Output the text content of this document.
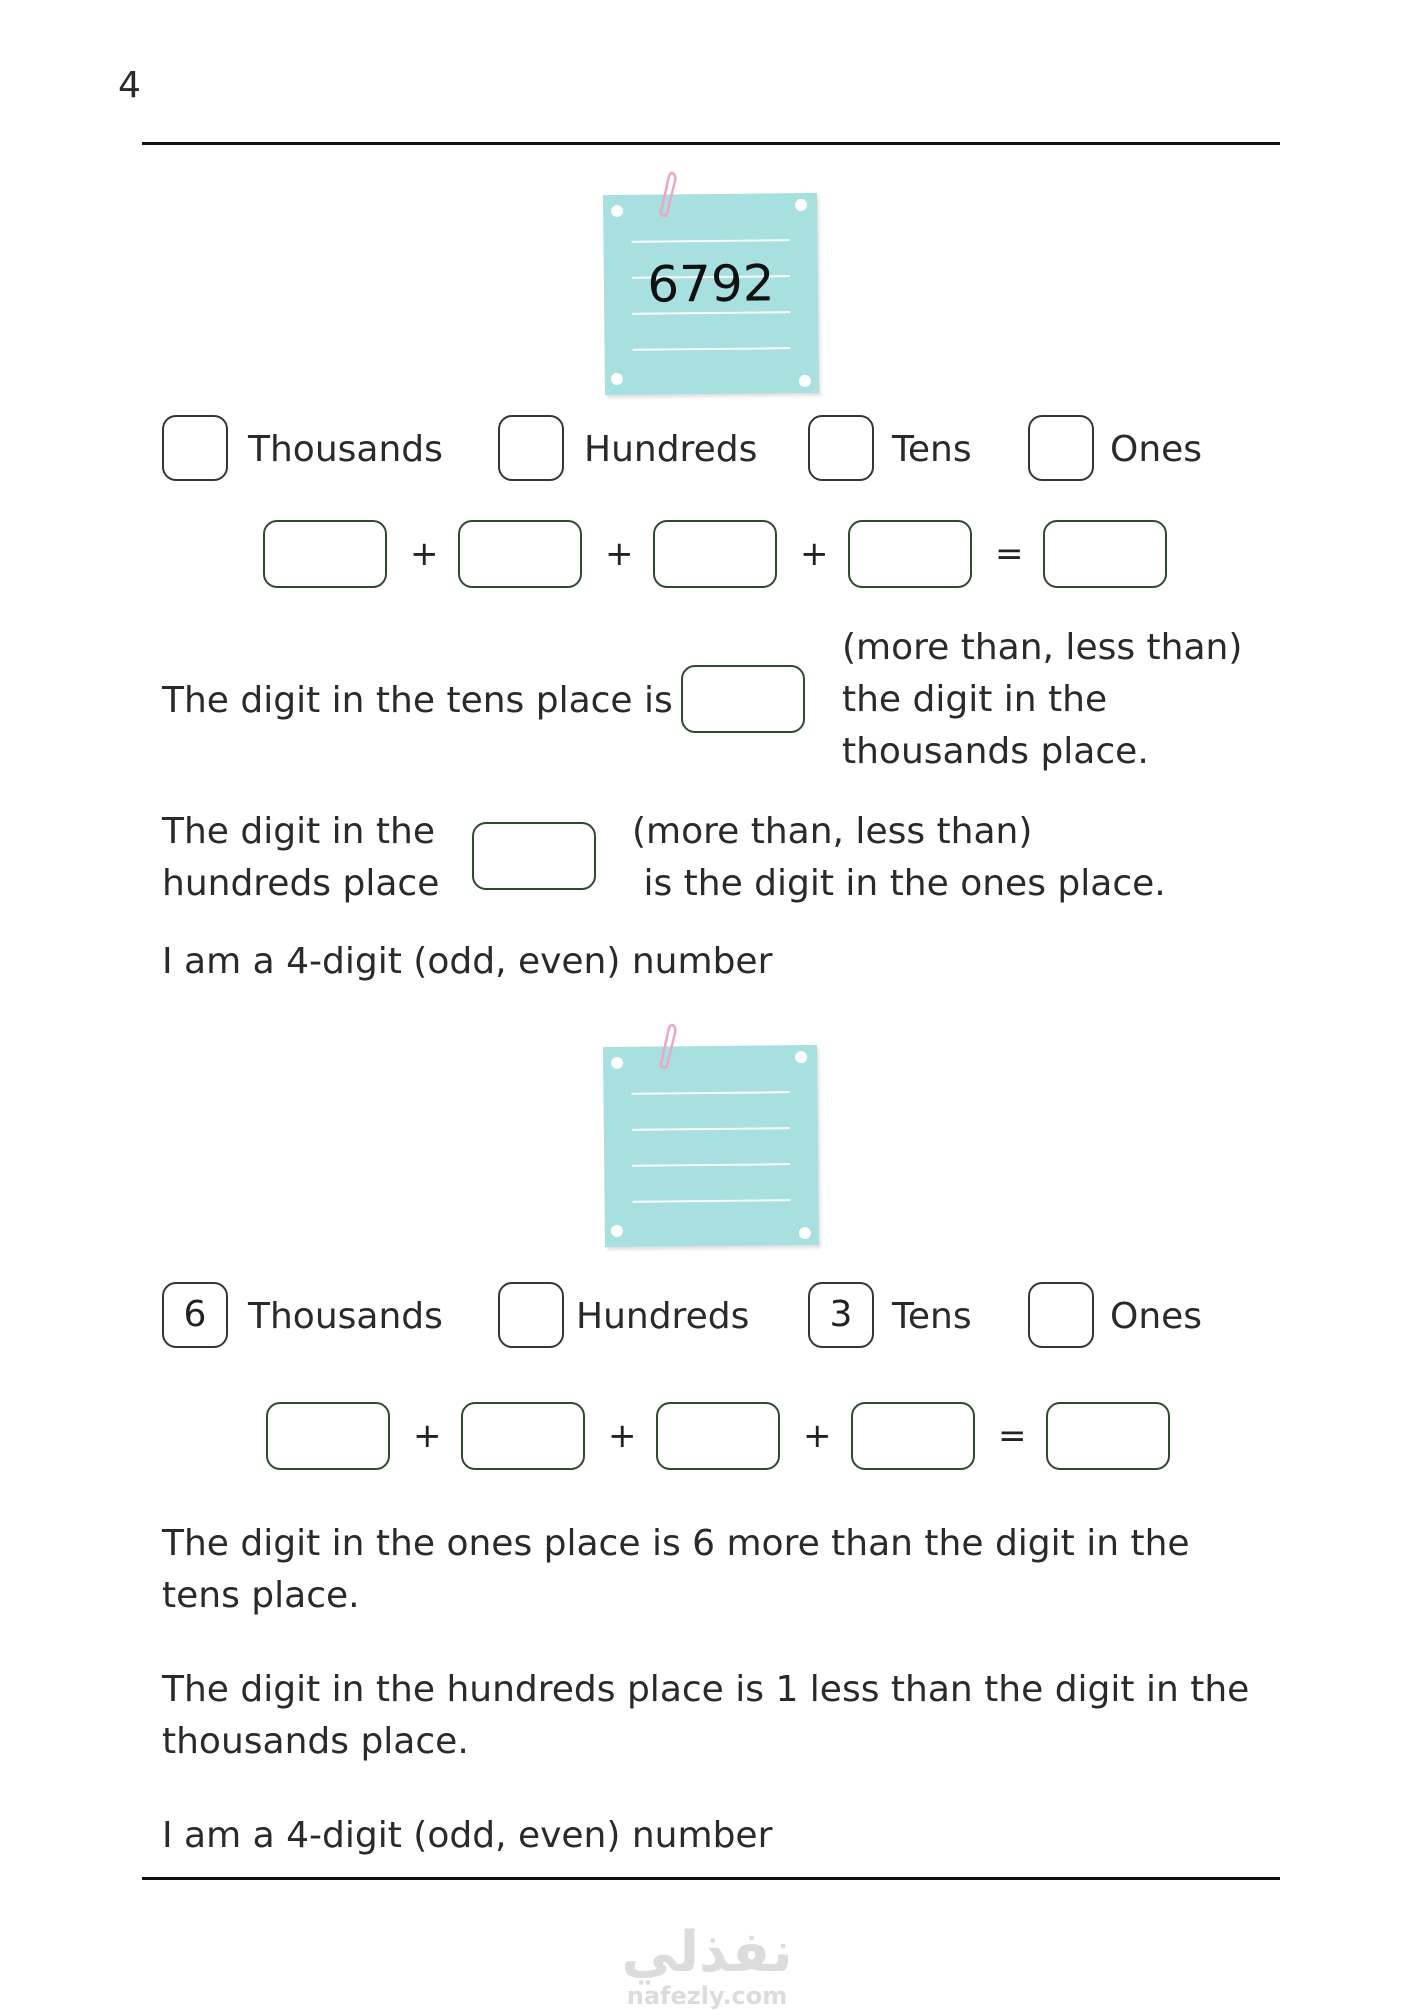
4
6792
Thousands	Hundreds	Tens	Ones
+	+	+	=
The digit in the tens place is
(more than, less than)
the digit in the
thousands place.
The digit in the
hundreds place
(more than, less than)
is the digit in the ones place.
I am a 4-digit (odd, even) number
6	Thousands	Hundreds	3	Tens	Ones
+	+	+	=
The digit in the ones place is 6 more than the digit in the tens place.
The digit in the hundreds place is 1 less than the digit in the thousands place.
I am a 4-digit (odd, even) number
نفذلي
nafezly.com
